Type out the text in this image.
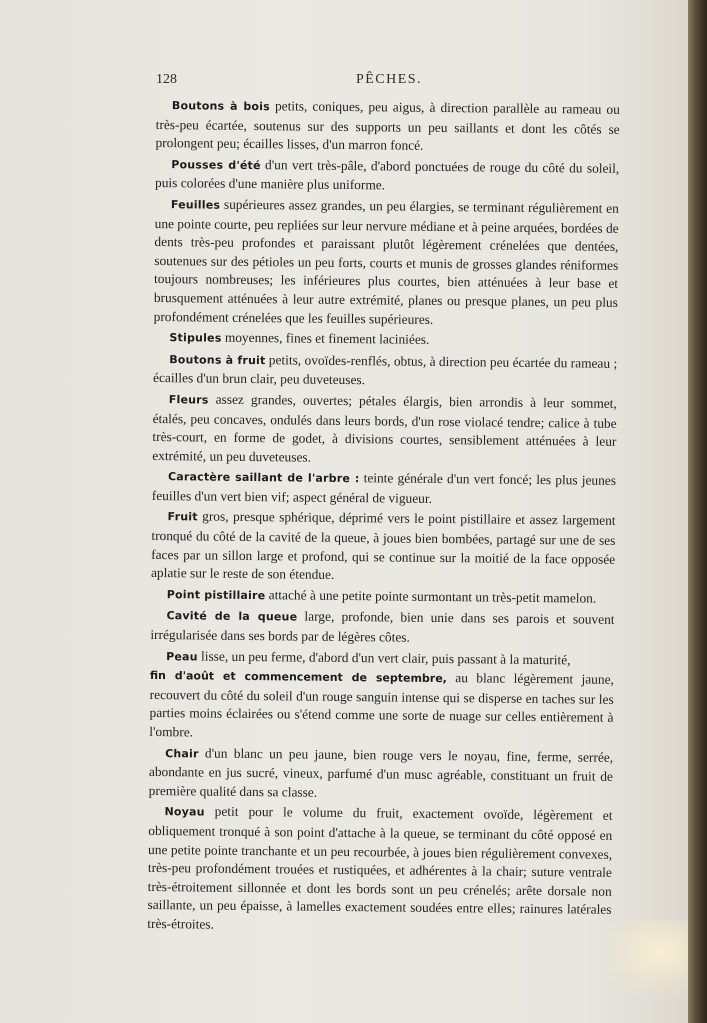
128	PÊCHES.

Boutons à bois petits, coniques, peu aigus, à direction parallèle au rameau ou très-peu écartée, soutenus sur des supports un peu saillants et dont les côtés se prolongent peu; écailles lisses, d'un marron foncé.

Pousses d'été d'un vert très-pâle, d'abord ponctuées de rouge du côté du soleil, puis colorées d'une manière plus uniforme.

Feuilles supérieures assez grandes, un peu élargies, se terminant régulièrement en une pointe courte, peu repliées sur leur nervure médiane et à peine arquées, bordées de dents très-peu profondes et paraissant plutôt légèrement crénelées que dentées, soutenues sur des pétioles un peu forts, courts et munis de grosses glandes réniformes toujours nombreuses; les inférieures plus courtes, bien atténuées à leur base et brusquement atténuées à leur autre extrémité, planes ou presque planes, un peu plus profondément crénelées que les feuilles supérieures.

Stipules moyennes, fines et finement laciniées.

Boutons à fruit petits, ovoïdes-renflés, obtus, à direction peu écartée du rameau ; écailles d'un brun clair, peu duveteuses.

Fleurs assez grandes, ouvertes; pétales élargis, bien arrondis à leur sommet, étalés, peu concaves, ondulés dans leurs bords, d'un rose violacé tendre; calice à tube très-court, en forme de godet, à divisions courtes, sensiblement atténuées à leur extrémité, un peu duveteuses.

Caractère saillant de l'arbre : teinte générale d'un vert foncé; les plus jeunes feuilles d'un vert bien vif; aspect général de vigueur.

Fruit gros, presque sphérique, déprimé vers le point pistillaire et assez largement tronqué du côté de la cavité de la queue, à joues bien bombées, partagé sur une de ses faces par un sillon large et profond, qui se continue sur la moitié de la face opposée aplatie sur le reste de son étendue.

Point pistillaire attaché à une petite pointe surmontant un très-petit mamelon.

Cavité de la queue large, profonde, bien unie dans ses parois et souvent irrégularisée dans ses bords par de légères côtes.

Peau lisse, un peu ferme, d'abord d'un vert clair, puis passant à la maturité,
fin d'août et commencement de septembre, au blanc légèrement jaune, recouvert du côté du soleil d'un rouge sanguin intense qui se disperse en taches sur les parties moins éclairées ou s'étend comme une sorte de nuage sur celles entièrement à l'ombre.

Chair d'un blanc un peu jaune, bien rouge vers le noyau, fine, ferme, serrée, abondante en jus sucré, vineux, parfumé d'un musc agréable, constituant un fruit de première qualité dans sa classe.

Noyau petit pour le volume du fruit, exactement ovoïde, légèrement et obliquement tronqué à son point d'attache à la queue, se terminant du côté opposé en une petite pointe tranchante et un peu recourbée, à joues bien régulièrement convexes, très-peu profondément trouées et rustiquées, et adhérentes à la chair; suture ventrale très-étroitement sillonnée et dont les bords sont un peu crénelés; arête dorsale non saillante, un peu épaisse, à lamelles exactement soudées entre elles; rainures latérales très-étroites.
